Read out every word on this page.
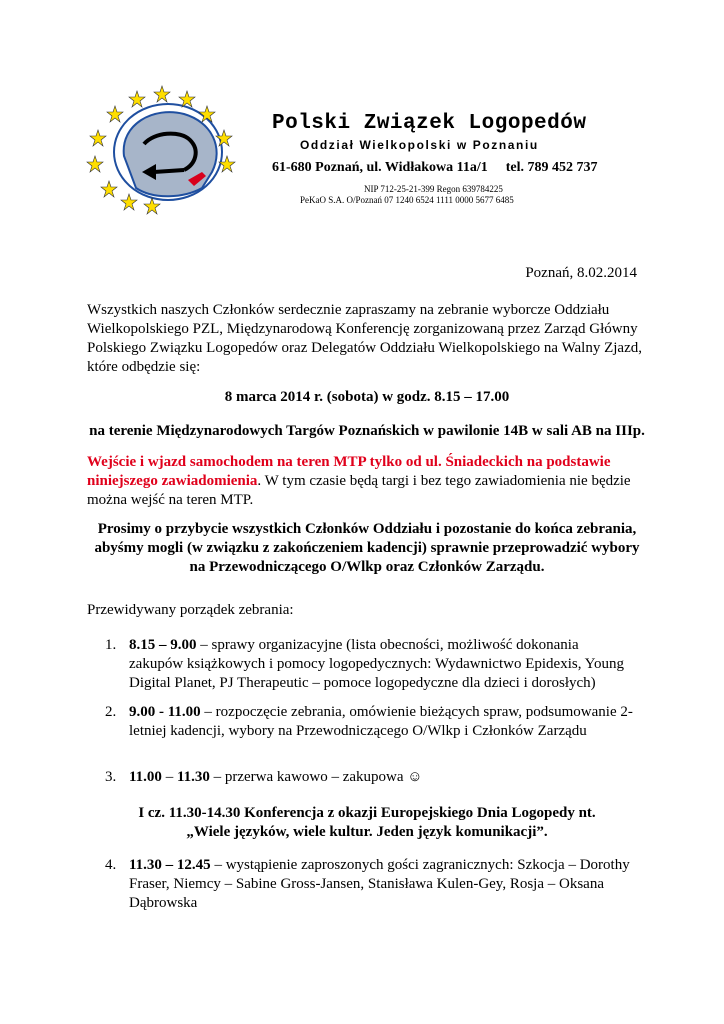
Polski Związek Logopedów
Oddział Wielkopolski w Poznaniu
61-680 Poznań, ul. Widłakowa 11a/1 tel. 789 452 737
NIP 712-25-21-399 Regon 639784225
PeKaO S.A. O/Poznań 07 1240 6524 1111 0000 5677 6485
Poznań, 8.02.2014
Wszystkich naszych Członków serdecznie zapraszamy na zebranie wyborcze Oddziału Wielkopolskiego PZL, Międzynarodową Konferencję zorganizowaną przez Zarząd Główny Polskiego Związku Logopedów oraz Delegatów Oddziału Wielkopolskiego na Walny Zjazd, które odbędzie się:
8 marca 2014 r. (sobota) w godz. 8.15 – 17.00
na terenie Międzynarodowych Targów Poznańskich w pawilonie 14B w sali AB na IIIp.
Wejście i wjazd samochodem na teren MTP tylko od ul. Śniadeckich na podstawie niniejszego zawiadomienia. W tym czasie będą targi i bez tego zawiadomienia nie będzie można wejść na teren MTP.
Prosimy o przybycie wszystkich Członków Oddziału i pozostanie do końca zebrania, abyśmy mogli (w związku z zakończeniem kadencji) sprawnie przeprowadzić wybory na Przewodniczącego O/Wlkp oraz Członków Zarządu.
Przewidywany porządek zebrania:
1. 8.15 – 9.00 – sprawy organizacyjne (lista obecności, możliwość dokonania zakupów książkowych i pomocy logopedycznych: Wydawnictwo Epidexis, Young Digital Planet, PJ Therapeutic – pomoce logopedyczne dla dzieci i dorosłych)
2. 9.00 - 11.00 – rozpoczęcie zebrania, omówienie bieżących spraw, podsumowanie 2-letniej kadencji, wybory na Przewodniczącego O/Wlkp i Członków Zarządu
3. 11.00 – 11.30 – przerwa kawowo – zakupowa ☺
I cz. 11.30-14.30 Konferencja z okazji Europejskiego Dnia Logopedy nt.
„Wiele języków, wiele kultur. Jeden język komunikacji”.
4. 11.30 – 12.45 – wystąpienie zaproszonych gości zagranicznych: Szkocja – Dorothy Fraser, Niemcy – Sabine Gross-Jansen, Stanisława Kulen-Gey, Rosja – Oksana Dąbrowska
